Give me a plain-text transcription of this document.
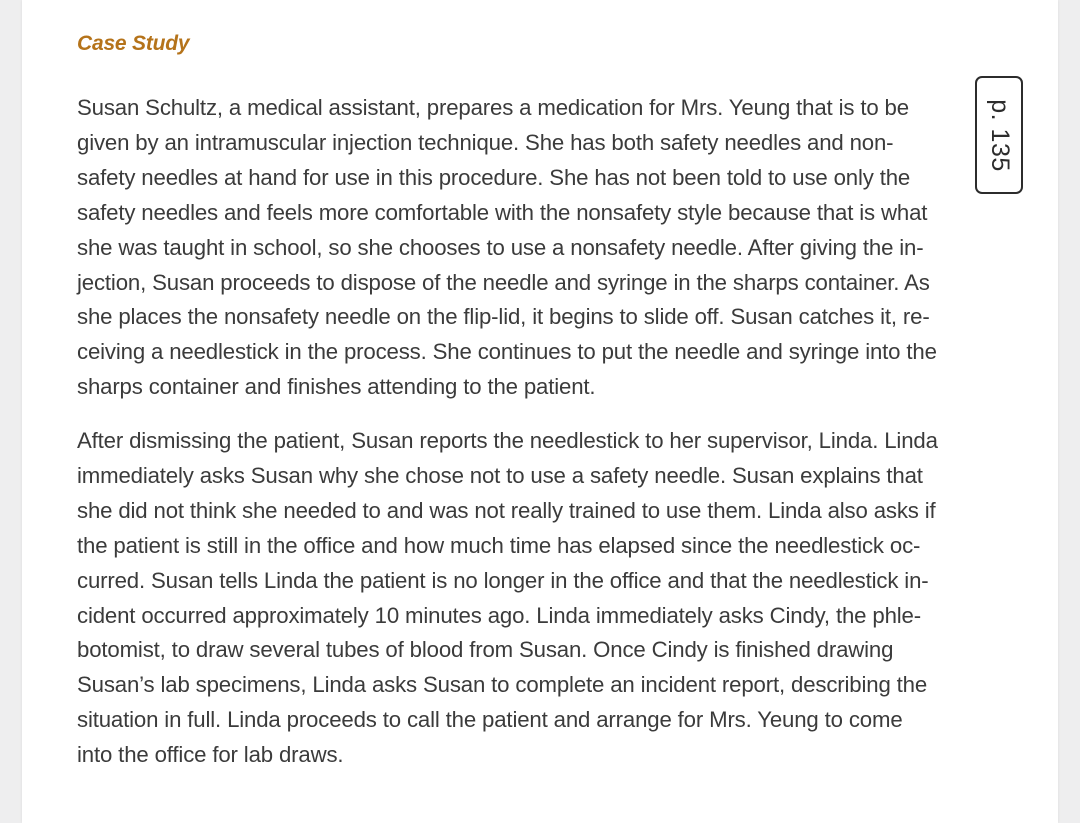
Case Study

Susan Schultz, a medical assistant, prepares a medication for Mrs. Yeung that is to be
given by an intramuscular injection technique. She has both safety needles and non-
safety needles at hand for use in this procedure. She has not been told to use only the
safety needles and feels more comfortable with the nonsafety style because that is what
she was taught in school, so she chooses to use a nonsafety needle. After giving the in-
jection, Susan proceeds to dispose of the needle and syringe in the sharps container. As
she places the nonsafety needle on the flip-lid, it begins to slide off. Susan catches it, re-
ceiving a needlestick in the process. She continues to put the needle and syringe into the
sharps container and finishes attending to the patient.

After dismissing the patient, Susan reports the needlestick to her supervisor, Linda. Linda
immediately asks Susan why she chose not to use a safety needle. Susan explains that
she did not think she needed to and was not really trained to use them. Linda also asks if
the patient is still in the office and how much time has elapsed since the needlestick oc-
curred. Susan tells Linda the patient is no longer in the office and that the needlestick in-
cident occurred approximately 10 minutes ago. Linda immediately asks Cindy, the phle-
botomist, to draw several tubes of blood from Susan. Once Cindy is finished drawing
Susan’s lab specimens, Linda asks Susan to complete an incident report, describing the
situation in full. Linda proceeds to call the patient and arrange for Mrs. Yeung to come
into the office for lab draws.

p. 135
